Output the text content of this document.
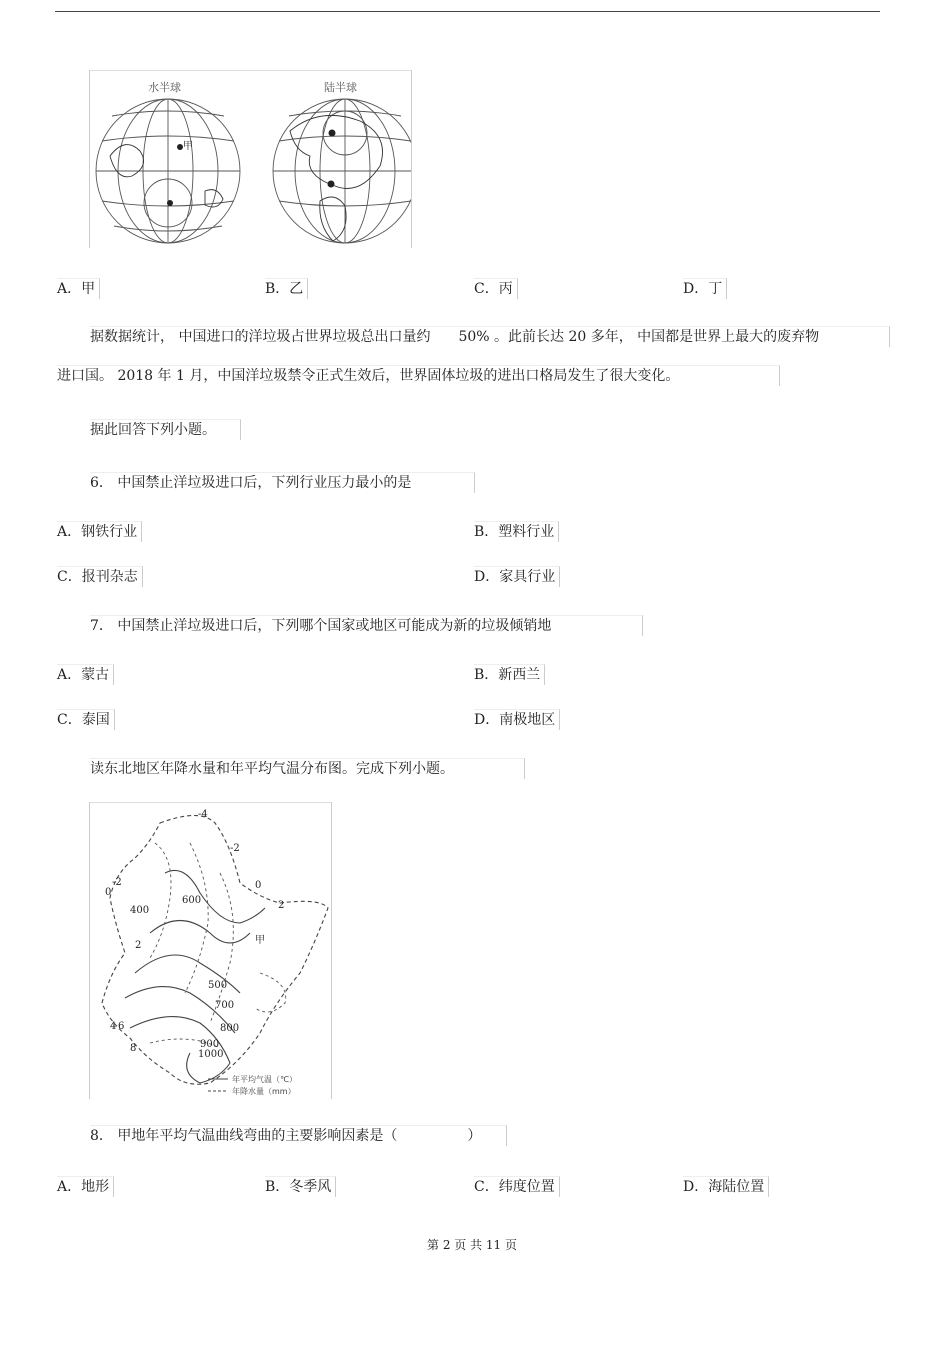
水半球	陆半球
甲
A．甲	B．乙	C．丙	D．丁
据数据统计， 中国进口的洋垃圾占世界垃圾总出口量约　　50% 。此前长达 20 多年， 中国都是世界上最大的废弃物
进口国。 2018 年 1 月，中国洋垃圾禁令正式生效后，世界固体垃圾的进出口格局发生了很大变化。
据此回答下列小题。
6． 中国禁止洋垃圾进口后，下列行业压力最小的是
A．钢铁行业	B．塑料行业
C．报刊杂志	D．家具行业
7． 中国禁止洋垃圾进口后，下列哪个国家或地区可能成为新的垃圾倾销地
A．蒙古	B．新西兰
C．泰国	D．南极地区
读东北地区年降水量和年平均气温分布图。完成下列小题。
-4
-2
-2
0
0
2
2
400
600
500
700
800
900
1000
4 6
8
甲
年平均气温（℃）
年降水量（mm）
8． 甲地年平均气温曲线弯曲的主要影响因素是（　　　　　）
A．地形	B．冬季风	C．纬度位置	D．海陆位置
第 2 页 共 11 页
